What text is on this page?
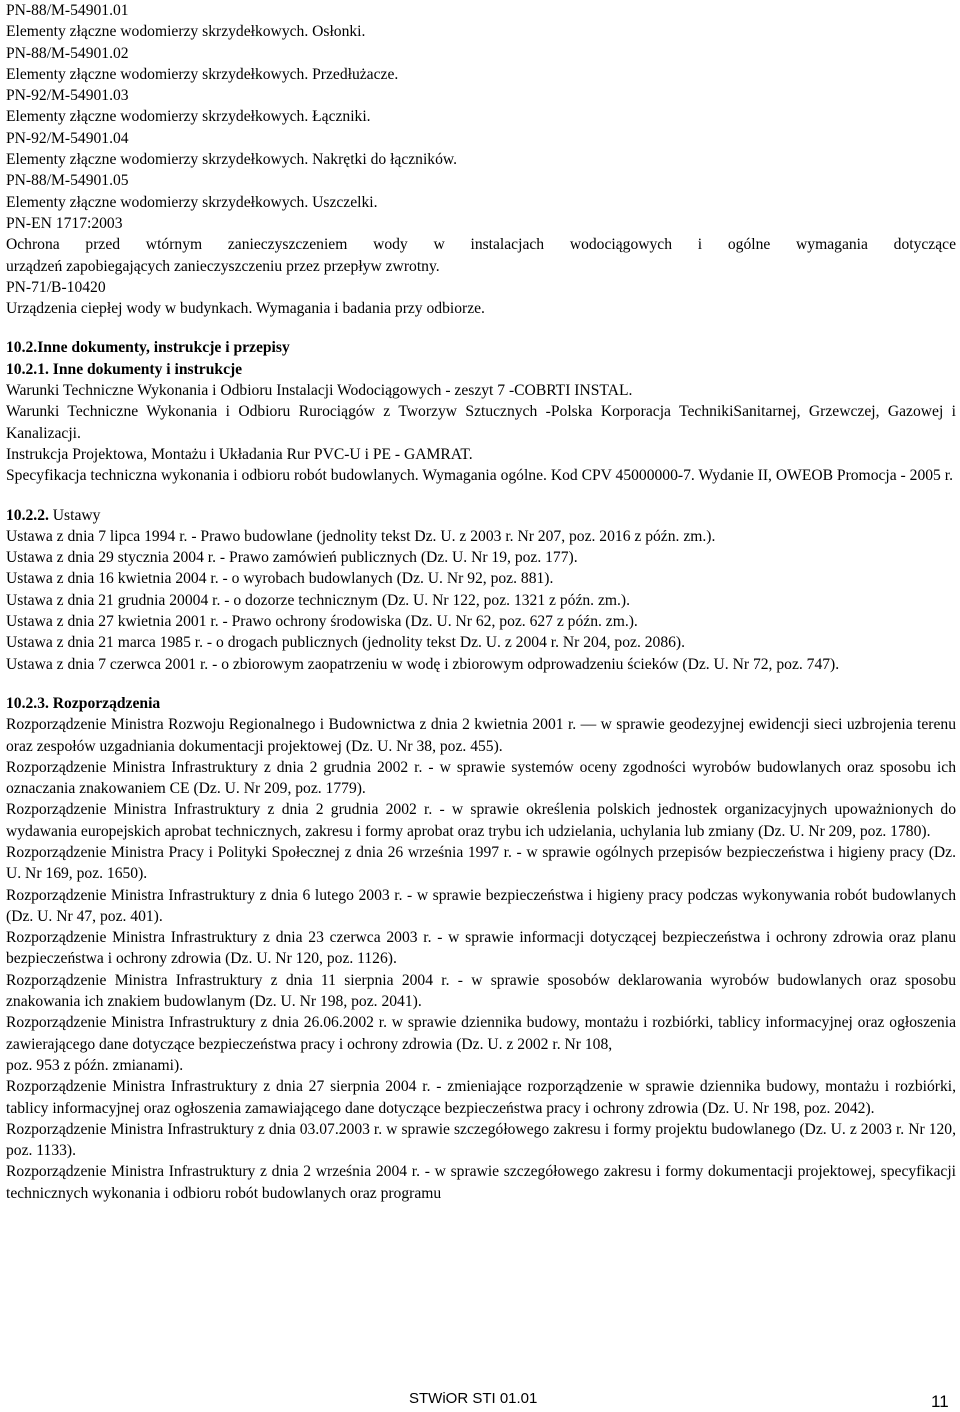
PN-88/M-54901.01
Elementy złączne wodomierzy skrzydełkowych. Osłonki.
PN-88/M-54901.02
Elementy złączne wodomierzy skrzydełkowych. Przedłużacze.
PN-92/M-54901.03
Elementy złączne wodomierzy skrzydełkowych. Łączniki.
PN-92/M-54901.04
Elementy złączne wodomierzy skrzydełkowych. Nakrętki do łączników.
PN-88/M-54901.05
Elementy złączne wodomierzy skrzydełkowych. Uszczelki.
PN-EN 1717:2003
Ochrona przed wtórnym zanieczyszczeniem wody w instalacjach wodociągowych i ogólne wymagania dotyczące
urządzeń zapobiegających zanieczyszczeniu przez przepływ zwrotny.
PN-71/B-10420
Urządzenia ciepłej wody w budynkach. Wymagania i badania przy odbiorze.
10.2.Inne dokumenty, instrukcje i przepisy
10.2.1. Inne dokumenty i instrukcje
Warunki Techniczne Wykonania i Odbioru Instalacji Wodociągowych - zeszyt 7 -COBRTI INSTAL.
Warunki Techniczne Wykonania i Odbioru Rurociągów z Tworzyw Sztucznych -Polska Korporacja TechnikiSanitarnej, Grzewczej, Gazowej i Kanalizacji.
Instrukcja Projektowa, Montażu i Układania Rur PVC-U i PE - GAMRAT.
Specyfikacja techniczna wykonania i odbioru robót budowlanych. Wymagania ogólne. Kod CPV 45000000-7. Wydanie II, OWEOB Promocja - 2005 r.
10.2.2. Ustawy
Ustawa z dnia 7 lipca 1994 r. - Prawo budowlane (jednolity tekst Dz. U. z 2003 r. Nr 207, poz. 2016 z późn. zm.).
Ustawa z dnia 29 stycznia 2004 r. - Prawo zamówień publicznych (Dz. U. Nr 19, poz. 177).
Ustawa z dnia 16 kwietnia 2004 r. - o wyrobach budowlanych (Dz. U. Nr 92, poz. 881).
Ustawa z dnia 21 grudnia 20004 r. - o dozorze technicznym (Dz. U. Nr 122, poz. 1321 z późn. zm.).
Ustawa z dnia 27 kwietnia 2001 r. - Prawo ochrony środowiska (Dz. U. Nr 62, poz. 627 z późn. zm.).
Ustawa z dnia 21 marca 1985 r. - o drogach publicznych (jednolity tekst Dz. U. z 2004 r. Nr 204, poz. 2086).
Ustawa z dnia 7 czerwca 2001 r. - o zbiorowym zaopatrzeniu w wodę i zbiorowym odprowadzeniu ścieków (Dz. U. Nr 72, poz. 747).
10.2.3. Rozporządzenia
Rozporządzenie Ministra Rozwoju Regionalnego i Budownictwa z dnia 2 kwietnia 2001 r. — w sprawie geodezyjnej ewidencji sieci uzbrojenia terenu oraz zespołów uzgadniania dokumentacji projektowej (Dz. U. Nr 38, poz. 455).
Rozporządzenie Ministra Infrastruktury z dnia 2 grudnia 2002 r. - w sprawie systemów oceny zgodności wyrobów budowlanych oraz sposobu ich oznaczania znakowaniem CE (Dz. U. Nr 209, poz. 1779).
Rozporządzenie Ministra Infrastruktury z dnia 2 grudnia 2002 r. - w sprawie określenia polskich jednostek organizacyjnych upoważnionych do wydawania europejskich aprobat technicznych, zakresu i formy aprobat oraz trybu ich udzielania, uchylania lub zmiany (Dz. U. Nr 209, poz. 1780).
Rozporządzenie Ministra Pracy i Polityki Społecznej z dnia 26 września 1997 r. - w sprawie ogólnych przepisów bezpieczeństwa i higieny pracy (Dz. U. Nr 169, poz. 1650).
Rozporządzenie Ministra Infrastruktury z dnia 6 lutego 2003 r. - w sprawie bezpieczeństwa i higieny pracy podczas wykonywania robót budowlanych (Dz. U. Nr 47, poz. 401).
Rozporządzenie Ministra Infrastruktury z dnia 23 czerwca 2003 r. - w sprawie informacji dotyczącej bezpieczeństwa i ochrony zdrowia oraz planu bezpieczeństwa i ochrony zdrowia (Dz. U. Nr 120, poz. 1126).
Rozporządzenie Ministra Infrastruktury z dnia 11 sierpnia 2004 r. - w sprawie sposobów deklarowania wyrobów budowlanych oraz sposobu znakowania ich znakiem budowlanym (Dz. U. Nr 198, poz. 2041).
Rozporządzenie Ministra Infrastruktury z dnia 26.06.2002 r. w sprawie dziennika budowy, montażu i rozbiórki, tablicy informacyjnej oraz ogłoszenia zawierającego dane dotyczące bezpieczeństwa pracy i ochrony zdrowia (Dz. U. z 2002 r. Nr 108,
poz. 953 z późn. zmianami).
Rozporządzenie Ministra Infrastruktury z dnia 27 sierpnia 2004 r. - zmieniające rozporządzenie w sprawie dziennika budowy, montażu i rozbiórki, tablicy informacyjnej oraz ogłoszenia zamawiającego dane dotyczące bezpieczeństwa pracy i ochrony zdrowia (Dz. U. Nr 198, poz. 2042).
Rozporządzenie Ministra Infrastruktury z dnia 03.07.2003 r. w sprawie szczegółowego zakresu i formy projektu budowlanego (Dz. U. z 2003 r. Nr 120, poz. 1133).
Rozporządzenie Ministra Infrastruktury z dnia 2 września 2004 r. - w sprawie szczegółowego zakresu i formy dokumentacji projektowej, specyfikacji technicznych wykonania i odbioru robót budowlanych oraz programu
STWiOR STI 01.01	11
